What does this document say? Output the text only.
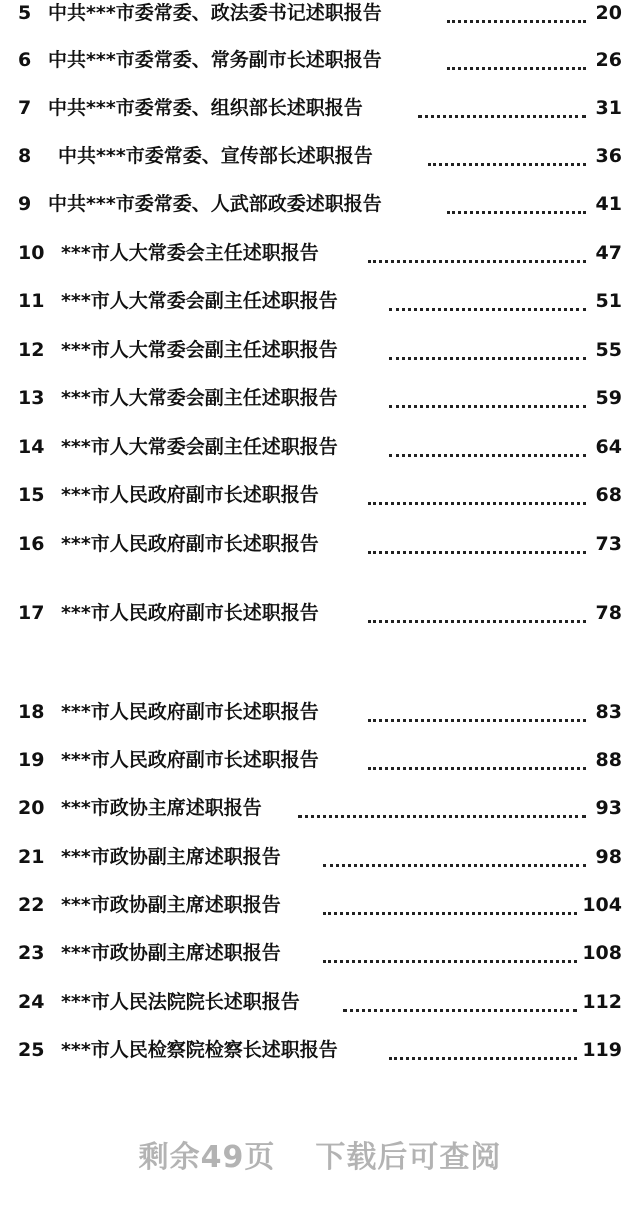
5 中共***市委常委、政法委书记述职报告	20
6 中共***市委常委、常务副市长述职报告	26
7 中共***市委常委、组织部长述职报告	31
8 中共***市委常委、宣传部长述职报告	36
9 中共***市委常委、人武部政委述职报告	41
10 ***市人大常委会主任述职报告	47
11 ***市人大常委会副主任述职报告	51
12 ***市人大常委会副主任述职报告	55
13 ***市人大常委会副主任述职报告	59
14 ***市人大常委会副主任述职报告	64
15 ***市人民政府副市长述职报告	68
16 ***市人民政府副市长述职报告	73
17 ***市人民政府副市长述职报告	78
18 ***市人民政府副市长述职报告	83
19 ***市人民政府副市长述职报告	88
20 ***市政协主席述职报告	93
21 ***市政协副主席述职报告	98
22 ***市政协副主席述职报告	104
23 ***市政协副主席述职报告	108
24 ***市人民法院院长述职报告	112
25 ***市人民检察院检察长述职报告	119
剩余49页 下载后可查阅
